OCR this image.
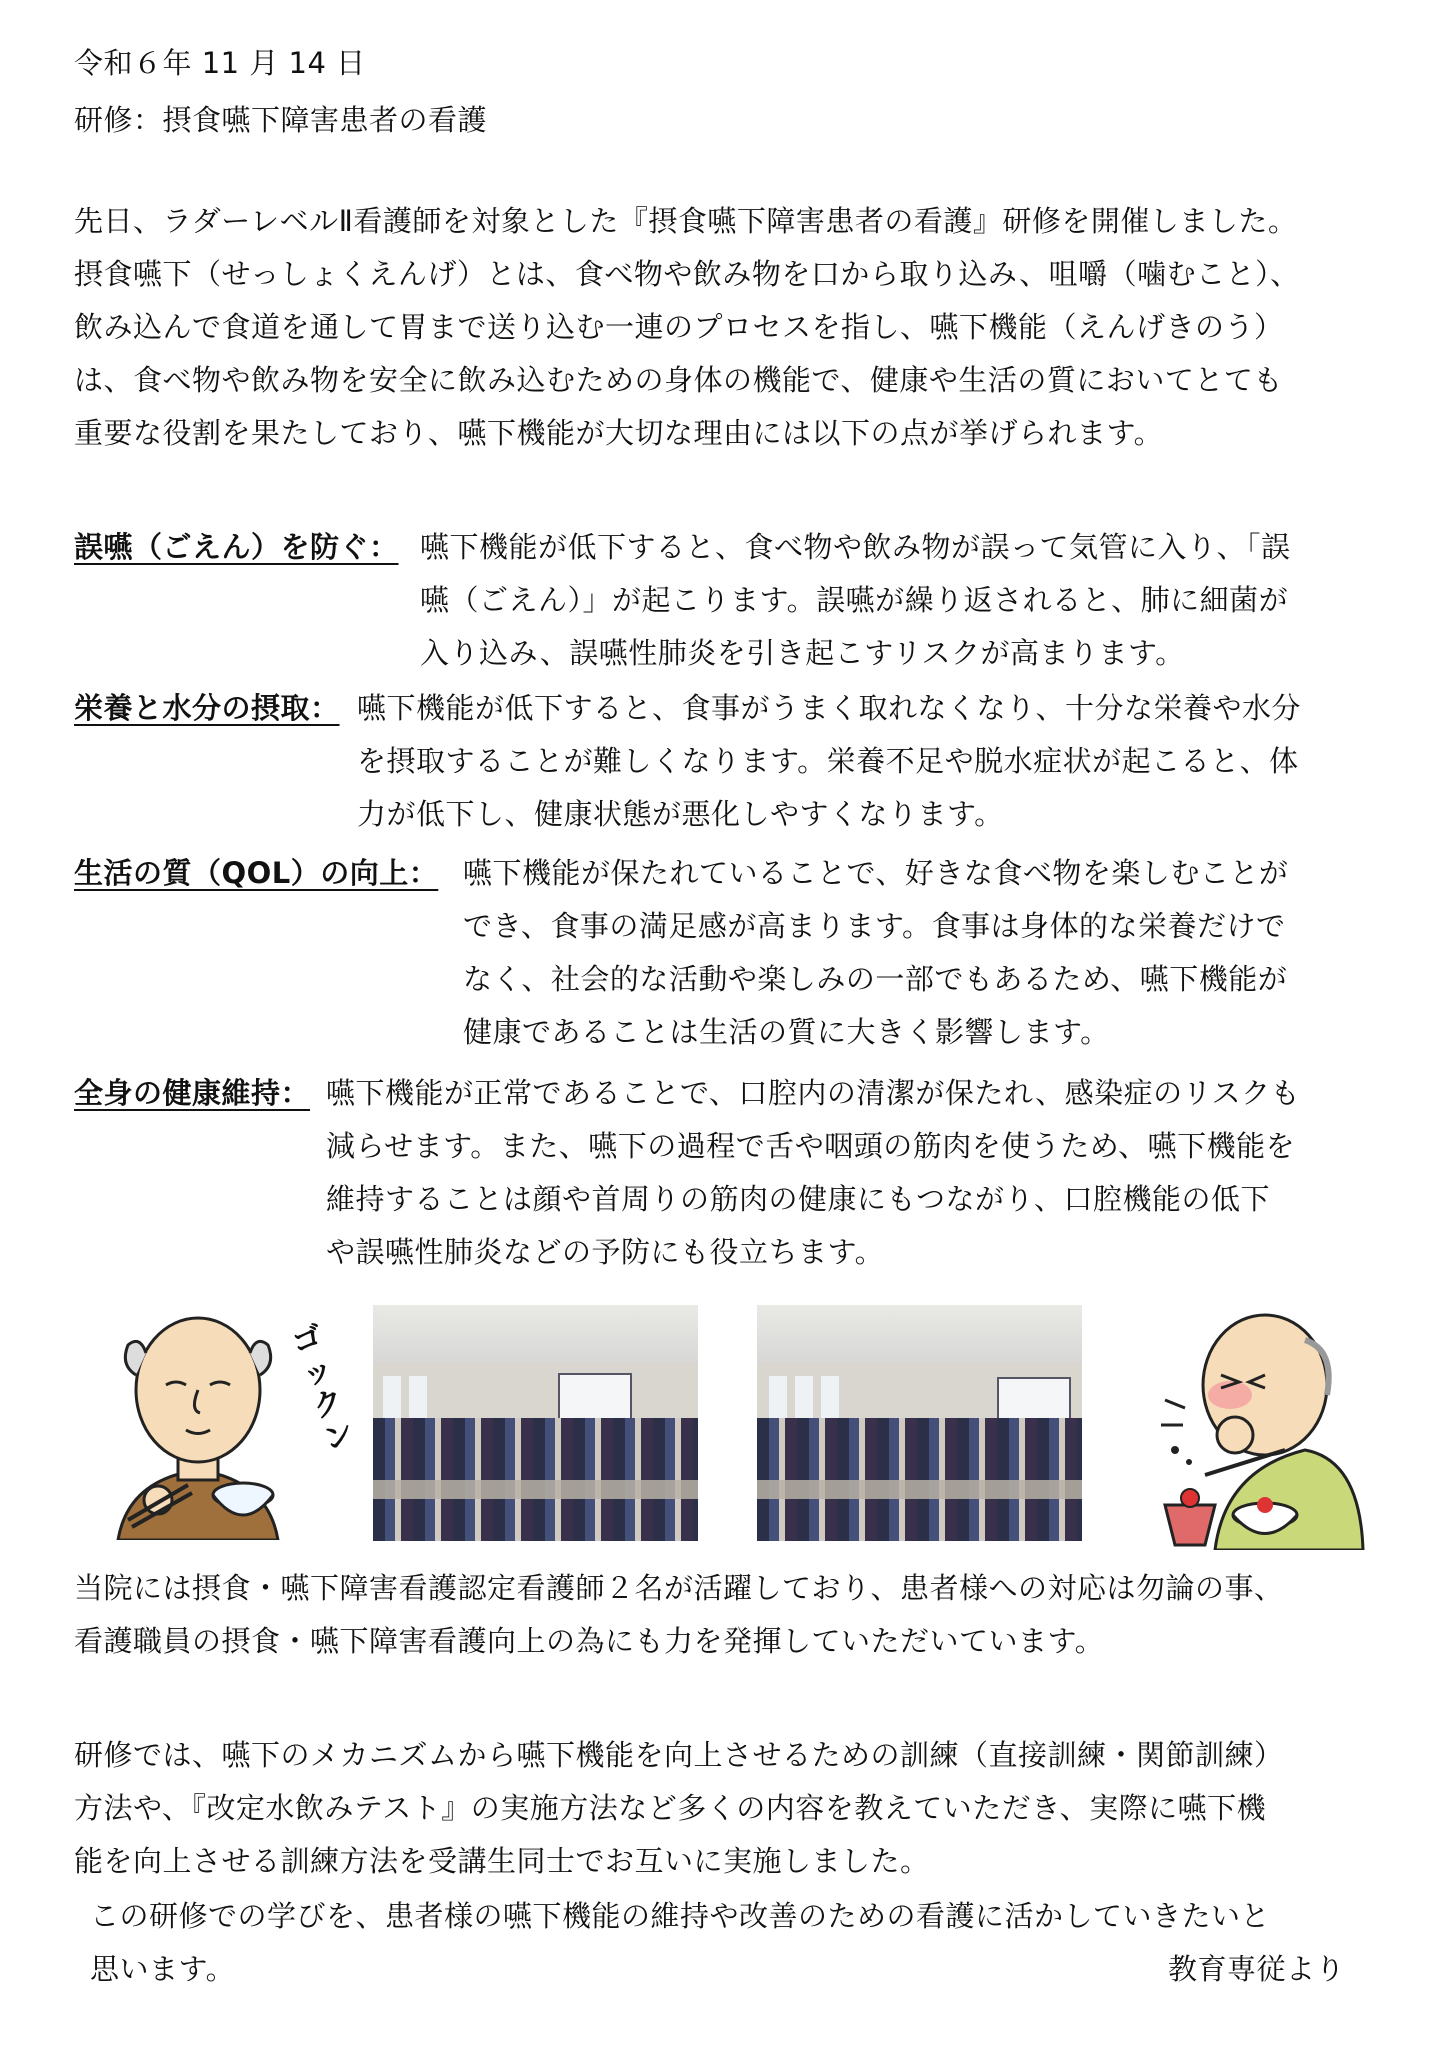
令和６年 11 月 14 日
研修：摂食嚥下障害患者の看護
先日、ラダーレベルⅡ看護師を対象とした『摂食嚥下障害患者の看護』研修を開催しました。
摂食嚥下（せっしょくえんげ）とは、食べ物や飲み物を口から取り込み、咀嚼（噛むこと）、
飲み込んで食道を通して胃まで送り込む一連のプロセスを指し、嚥下機能（えんげきのう）
は、食べ物や飲み物を安全に飲み込むための身体の機能で、健康や生活の質においてとても
重要な役割を果たしており、嚥下機能が大切な理由には以下の点が挙げられます。
誤嚥（ごえん）を防ぐ： 嚥下機能が低下すると、食べ物や飲み物が誤って気管に入り、「誤
嚥（ごえん）」が起こります。誤嚥が繰り返されると、肺に細菌が
入り込み、誤嚥性肺炎を引き起こすリスクが高まります。
栄養と水分の摂取： 嚥下機能が低下すると、食事がうまく取れなくなり、十分な栄養や水分
を摂取することが難しくなります。栄養不足や脱水症状が起こると、体
力が低下し、健康状態が悪化しやすくなります。
生活の質（QOL）の向上： 嚥下機能が保たれていることで、好きな食べ物を楽しむことが
でき、食事の満足感が高まります。食事は身体的な栄養だけで
なく、社会的な活動や楽しみの一部でもあるため、嚥下機能が
健康であることは生活の質に大きく影響します。
全身の健康維持： 嚥下機能が正常であることで、口腔内の清潔が保たれ、感染症のリスクも
減らせます。また、嚥下の過程で舌や咽頭の筋肉を使うため、嚥下機能を
維持することは顔や首周りの筋肉の健康にもつながり、口腔機能の低下
や誤嚥性肺炎などの予防にも役立ちます。
ゴックン
当院には摂食・嚥下障害看護認定看護師２名が活躍しており、患者様への対応は勿論の事、
看護職員の摂食・嚥下障害看護向上の為にも力を発揮していただいています。
研修では、嚥下のメカニズムから嚥下機能を向上させるための訓練（直接訓練・関節訓練）
方法や、『改定水飲みテスト』の実施方法など多くの内容を教えていただき、実際に嚥下機
能を向上させる訓練方法を受講生同士でお互いに実施しました。
この研修での学びを、患者様の嚥下機能の維持や改善のための看護に活かしていきたいと
思います。	教育専従より
